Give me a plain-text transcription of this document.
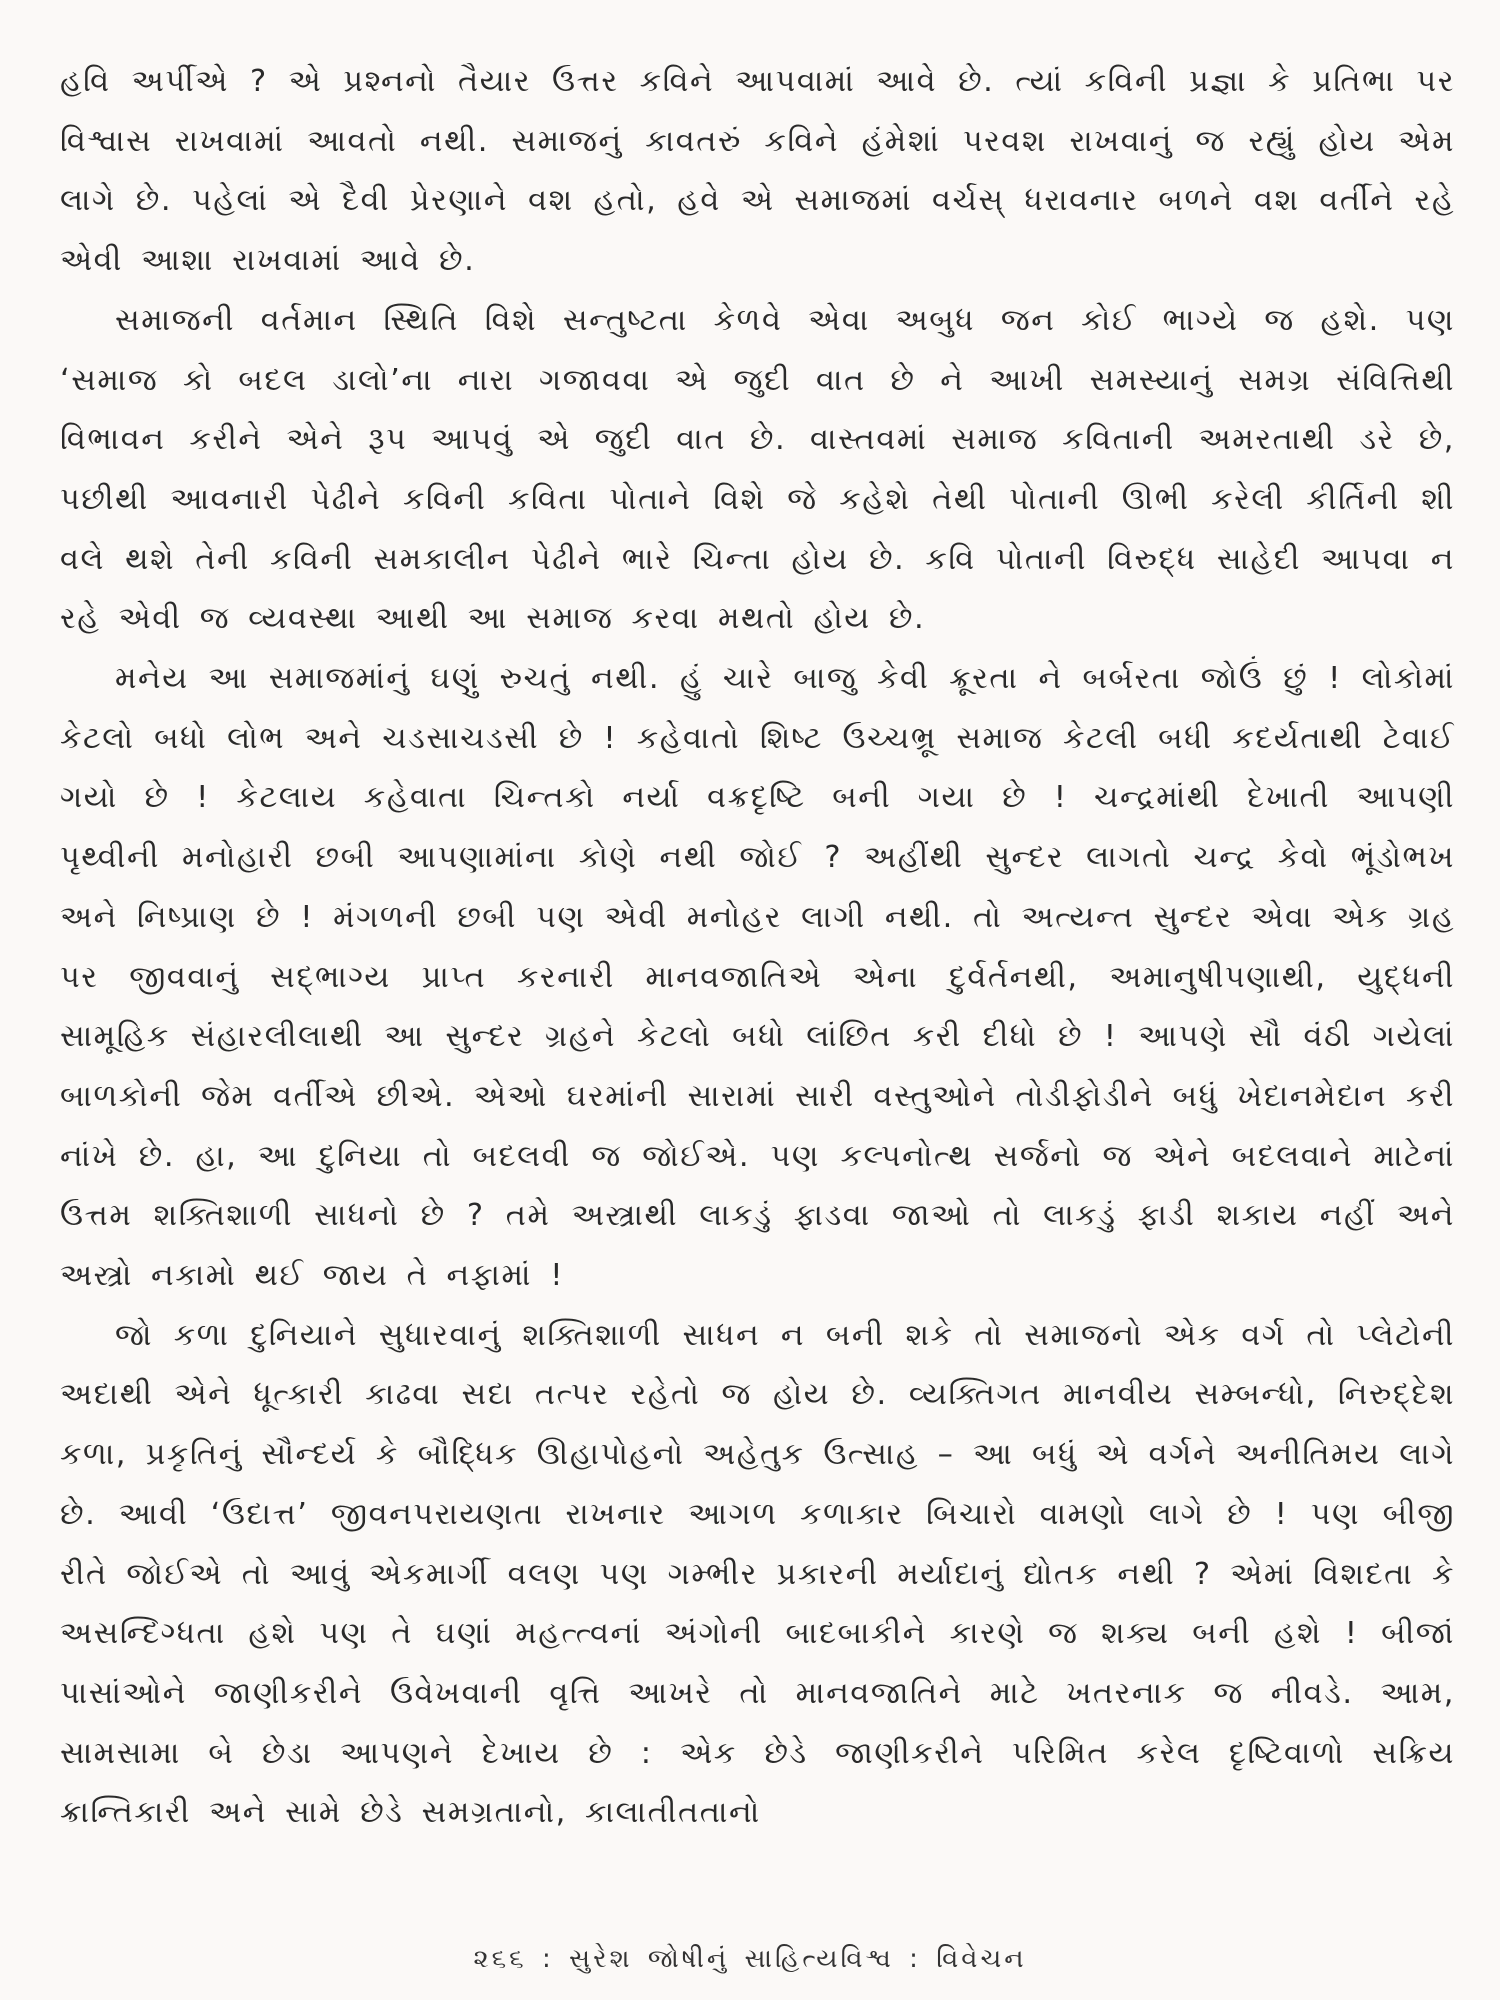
હવિ અર્પીએ ? એ પ્રશ્નનો તૈયાર ઉત્તર કવિને આપવામાં આવે છે. ત્યાં કવિની પ્રજ્ઞા કે પ્રતિભા પર વિશ્વાસ રાખવામાં આવતો નથી. સમાજનું કાવતરું કવિને હંમેશાં પરવશ રાખવાનું જ રહ્યું હોય એમ લાગે છે. પહેલાં એ દૈવી પ્રેરણાને વશ હતો, હવે એ સમાજમાં વર્ચસ્ ધરાવનાર બળને વશ વર્તીને રહે એવી આશા રાખવામાં આવે છે.

સમાજની વર્તમાન સ્થિતિ વિશે સન્તુષ્ટતા કેળવે એવા અબુધ જન કોઈ ભાગ્યે જ હશે. પણ ‘સમાજ કો બદલ ડાલો’ના નારા ગજાવવા એ જુદી વાત છે ને આખી સમસ્યાનું સમગ્ર સંવિત્તિથી વિભાવન કરીને એને રૂપ આપવું એ જુદી વાત છે. વાસ્તવમાં સમાજ કવિતાની અમરતાથી ડરે છે, પછીથી આવનારી પેઢીને કવિની કવિતા પોતાને વિશે જે કહેશે તેથી પોતાની ઊભી કરેલી કીર્તિની શી વલે થશે તેની કવિની સમકાલીન પેઢીને ભારે ચિન્તા હોય છે. કવિ પોતાની વિરુદ્ધ સાહેદી આપવા ન રહે એવી જ વ્યવસ્થા આથી આ સમાજ કરવા મથતો હોય છે.

મનેય આ સમાજમાંનું ઘણું રુચતું નથી. હું ચારે બાજુ કેવી ક્રૂરતા ને બર્બરતા જોઉં છું ! લોકોમાં કેટલો બધો લોભ અને ચડસાચડસી છે ! કહેવાતો શિષ્ટ ઉચ્ચભ્રૂ સમાજ કેટલી બધી કદર્યતાથી ટેવાઈ ગયો છે ! કેટલાય કહેવાતા ચિન્તકો નર્યા વક્રદૃષ્ટિ બની ગયા છે ! ચન્દ્રમાંથી દેખાતી આપણી પૃથ્વીની મનોહારી છબી આપણામાંના કોણે નથી જોઈ ? અહીંથી સુન્દર લાગતો ચન્દ્ર કેવો ભૂંડોભખ અને નિષ્પ્રાણ છે ! મંગળની છબી પણ એવી મનોહર લાગી નથી. તો અત્યન્ત સુન્દર એવા એક ગ્રહ પર જીવવાનું સદ્ભાગ્ય પ્રાપ્ત કરનારી માનવજાતિએ એના દુર્વર્તનથી, અમાનુષીપણાથી, યુદ્ધની સામૂહિક સંહારલીલાથી આ સુન્દર ગ્રહને કેટલો બધો લાંછિત કરી દીધો છે ! આપણે સૌ વંઠી ગયેલાં બાળકોની જેમ વર્તીએ છીએ. એઓ ઘરમાંની સારામાં સારી વસ્તુઓને તોડીફોડીને બધું ખેદાનમેદાન કરી નાંખે છે. હા, આ દુનિયા તો બદલવી જ જોઈએ. પણ કલ્પનોત્થ સર્જનો જ એને બદલવાને માટેનાં ઉત્તમ શક્તિશાળી સાધનો છે ? તમે અસ્ત્રાથી લાકડું ફાડવા જાઓ તો લાકડું ફાડી શકાય નહીં અને અસ્ત્રો નકામો થઈ જાય તે નફામાં !

જો કળા દુનિયાને સુધારવાનું શક્તિશાળી સાધન ન બની શકે તો સમાજનો એક વર્ગ તો પ્લેટોની અદાથી એને ધૂત્કારી કાઢવા સદા તત્પર રહેતો જ હોય છે. વ્યક્તિગત માનવીય સમ્બન્ધો, નિરુદ્દેશ કળા, પ્રકૃતિનું સૌન્દર્ય કે બૌદ્ધિક ઊહાપોહનો અહેતુક ઉત્સાહ – આ બધું એ વર્ગને અનીતિમય લાગે છે. આવી ‘ઉદાત્ત’ જીવનપરાયણતા રાખનાર આગળ કળાકાર બિચારો વામણો લાગે છે ! પણ બીજી રીતે જોઈએ તો આવું એકમાર્ગી વલણ પણ ગમ્ભીર પ્રકારની મર્યાદાનું દ્યોતક નથી ? એમાં વિશદતા કે અસન્દિગ્ધતા હશે પણ તે ઘણાં મહત્ત્વનાં અંગોની બાદબાકીને કારણે જ શક્ય બની હશે ! બીજાં પાસાંઓને જાણીકરીને ઉવેખવાની વૃત્તિ આખરે તો માનવજાતિને માટે ખતરનાક જ નીવડે. આમ, સામસામા બે છેડા આપણને દેખાય છે : એક છેડે જાણીકરીને પરિમિત કરેલ દૃષ્ટિવાળો સક્રિય ક્રાન્તિકારી અને સામે છેડે સમગ્રતાનો, કાલાતીતતાનો

૨૬૬ : સુરેશ જોષીનું સાહિત્યવિશ્વ : વિવેચન
